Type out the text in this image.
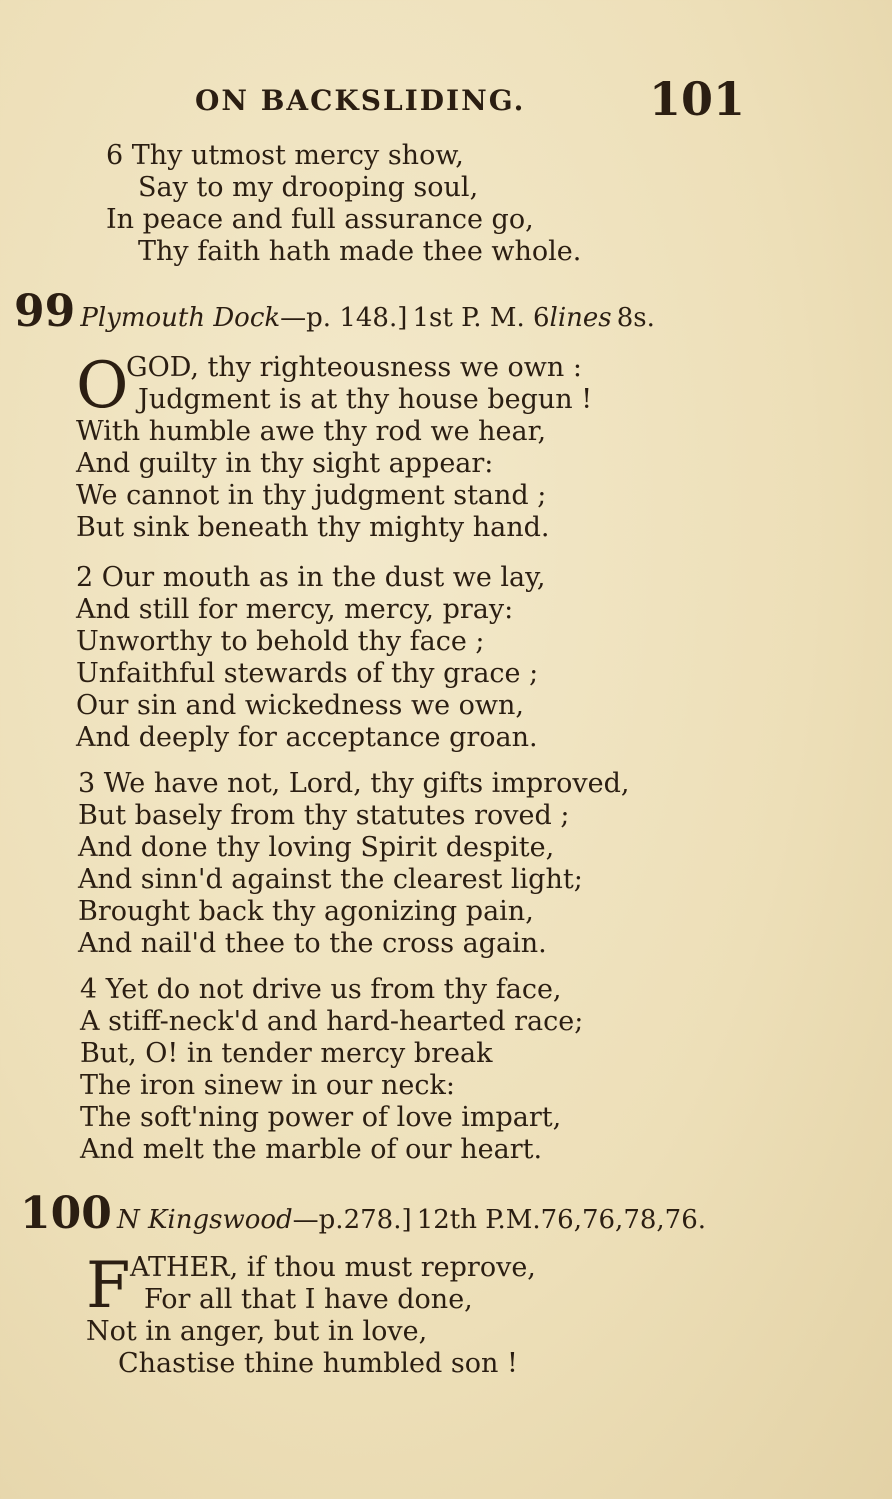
ON BACKSLIDING.	101
6 Thy utmost mercy show,
Say to my drooping soul,
In peace and full assurance go,
Thy faith hath made thee whole.
99 Plymouth Dock—p. 148.] 1st P. M. 6lines 8s.
O
GOD, thy righteousness we own :
Judgment is at thy house begun !
With humble awe thy rod we hear,
And guilty in thy sight appear:
We cannot in thy judgment stand ;
But sink beneath thy mighty hand.
2 Our mouth as in the dust we lay,
And still for mercy, mercy, pray:
Unworthy to behold thy face ;
Unfaithful stewards of thy grace ;
Our sin and wickedness we own,
And deeply for acceptance groan.
3 We have not, Lord, thy gifts improved,
But basely from thy statutes roved ;
And done thy loving Spirit despite,
And sinn'd against the clearest light;
Brought back thy agonizing pain,
And nail'd thee to the cross again.
4 Yet do not drive us from thy face,
A stiff-neck'd and hard-hearted race;
But, O! in tender mercy break
The iron sinew in our neck:
The soft'ning power of love impart,
And melt the marble of our heart.
100 N Kingswood—p.278.] 12th P.M.76,76,78,76.
F ATHER, if thou must reprove,
For all that I have done,
Not in anger, but in love,
Chastise thine humbled son !
